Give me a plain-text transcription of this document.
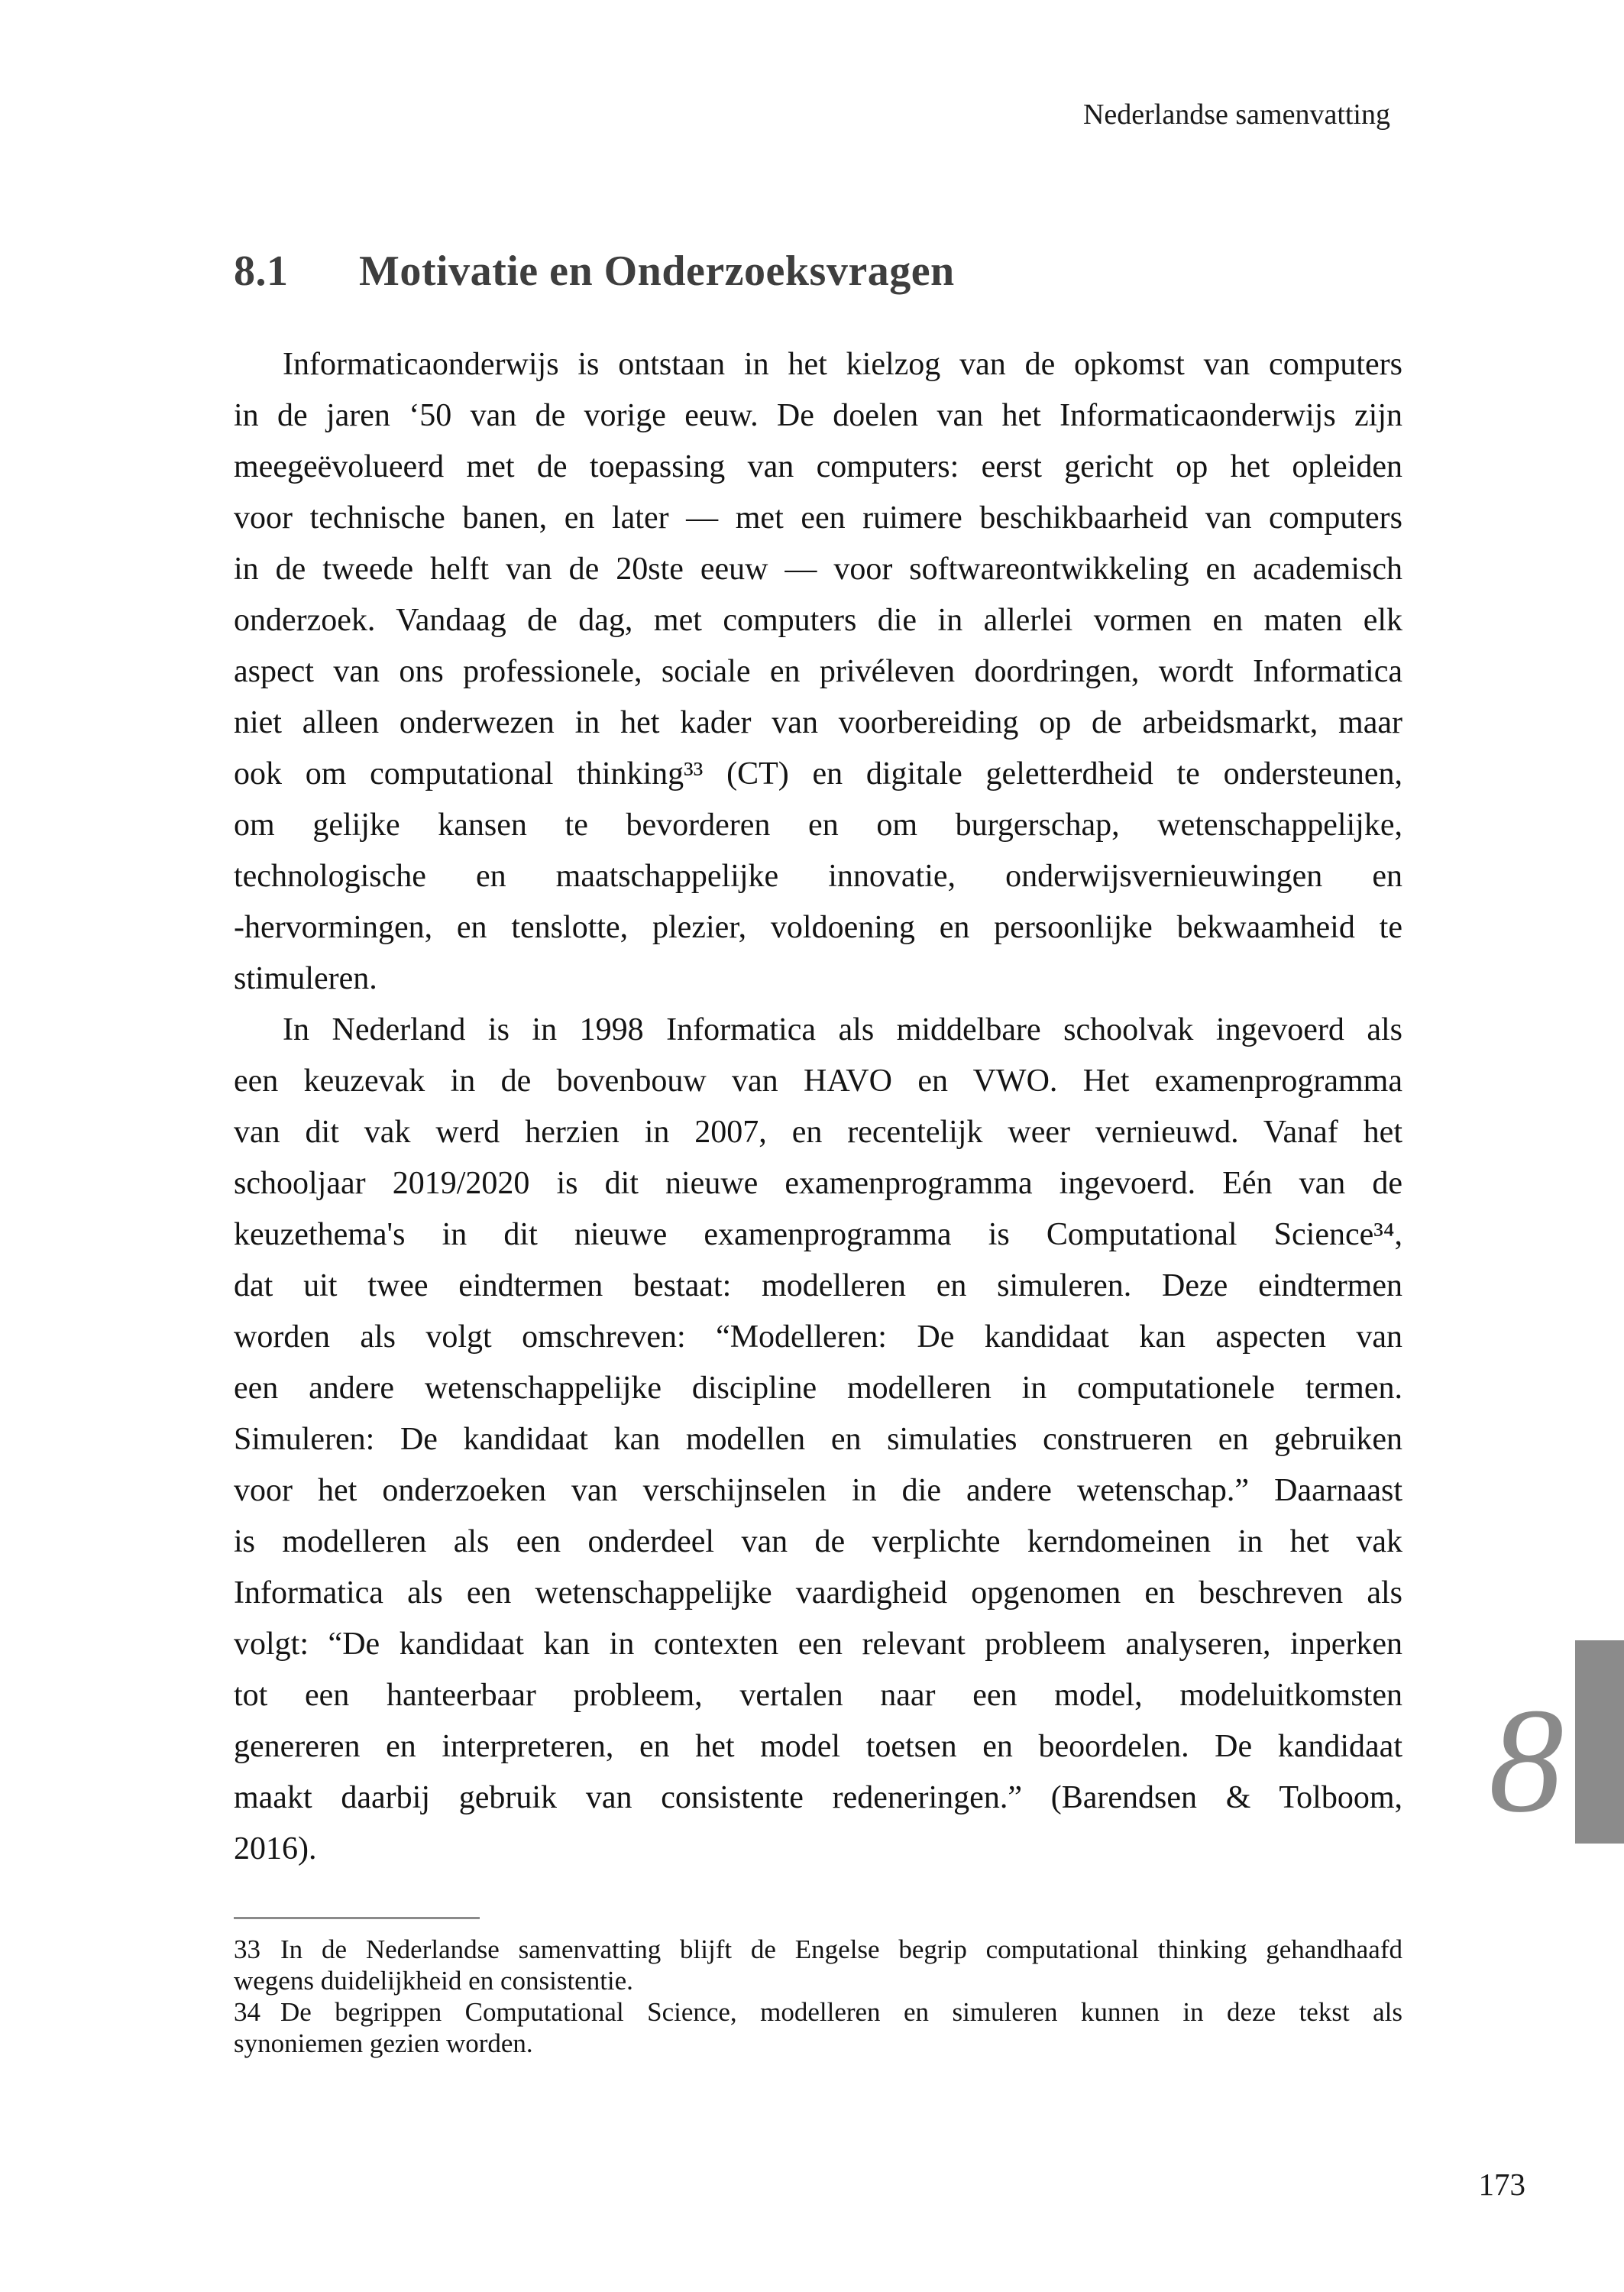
Nederlandse samenvatting
8.1 Motivatie en Onderzoeksvragen
Informaticaonderwijs is ontstaan in het kielzog van de opkomst van computers
in de jaren ‘50 van de vorige eeuw. De doelen van het Informaticaonderwijs zijn
meegeëvolueerd met de toepassing van computers: eerst gericht op het opleiden
voor technische banen, en later — met een ruimere beschikbaarheid van computers
in de tweede helft van de 20ste eeuw — voor softwareontwikkeling en academisch
onderzoek. Vandaag de dag, met computers die in allerlei vormen en maten elk
aspect van ons professionele, sociale en privéleven doordringen, wordt Informatica
niet alleen onderwezen in het kader van voorbereiding op de arbeidsmarkt, maar
ook om computational thinking³³ (CT) en digitale geletterdheid te ondersteunen,
om gelijke kansen te bevorderen en om burgerschap, wetenschappelijke,
technologische en maatschappelijke innovatie, onderwijsvernieuwingen en
-hervormingen, en tenslotte, plezier, voldoening en persoonlijke bekwaamheid te
stimuleren.
In Nederland is in 1998 Informatica als middelbare schoolvak ingevoerd als
een keuzevak in de bovenbouw van HAVO en VWO. Het examenprogramma
van dit vak werd herzien in 2007, en recentelijk weer vernieuwd. Vanaf het
schooljaar 2019/2020 is dit nieuwe examenprogramma ingevoerd. Eén van de
keuzethema's in dit nieuwe examenprogramma is Computational Science³⁴,
dat uit twee eindtermen bestaat: modelleren en simuleren. Deze eindtermen
worden als volgt omschreven: “Modelleren: De kandidaat kan aspecten van
een andere wetenschappelijke discipline modelleren in computationele termen.
Simuleren: De kandidaat kan modellen en simulaties construeren en gebruiken
voor het onderzoeken van verschijnselen in die andere wetenschap.” Daarnaast
is modelleren als een onderdeel van de verplichte kerndomeinen in het vak
Informatica als een wetenschappelijke vaardigheid opgenomen en beschreven als
volgt: “De kandidaat kan in contexten een relevant probleem analyseren, inperken
tot een hanteerbaar probleem, vertalen naar een model, modeluitkomsten
genereren en interpreteren, en het model toetsen en beoordelen. De kandidaat
maakt daarbij gebruik van consistente redeneringen.” (Barendsen & Tolboom,
2016).
33 In de Nederlandse samenvatting blijft de Engelse begrip computational thinking gehandhaafd
wegens duidelijkheid en consistentie.
34 De begrippen Computational Science, modelleren en simuleren kunnen in deze tekst als
synoniemen gezien worden.
8
173
